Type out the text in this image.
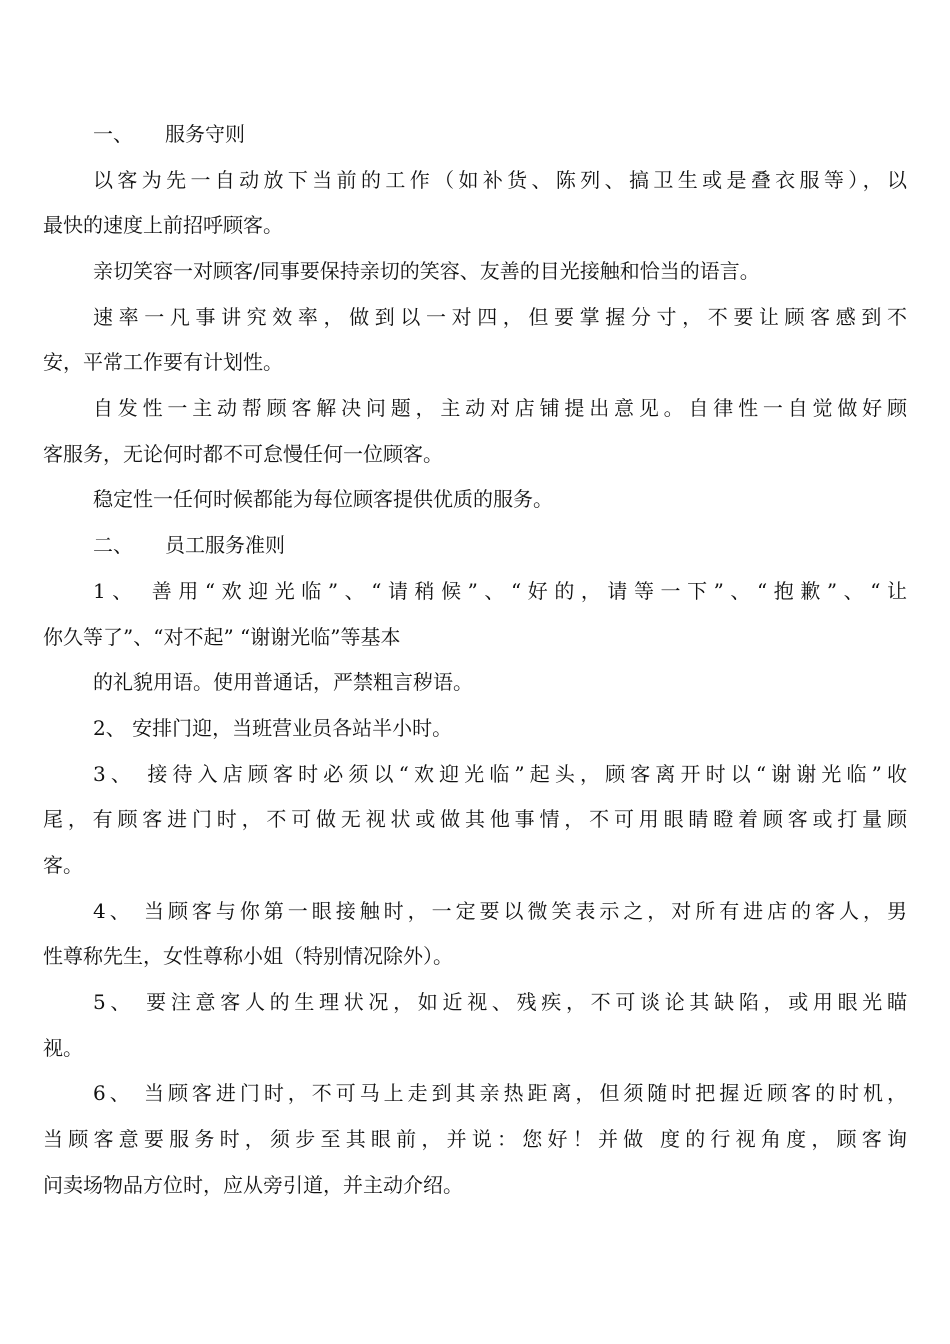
一、 服务守则
以客为先一自动放下当前的工作（如补货、陈列、搞卫生或是叠衣服等），以
最快的速度上前招呼顾客。
亲切笑容一对顾客/同事要保持亲切的笑容、友善的目光接触和恰当的语言。
速率一凡事讲究效率，做到以一对四，但要掌握分寸，不要让顾客感到不
安，平常工作要有计划性。
自发性一主动帮顾客解决问题，主动对店铺提出意见。自律性一自觉做好顾
客服务，无论何时都不可怠慢任何一位顾客。
稳定性一任何时候都能为每位顾客提供优质的服务。
二、 员工服务准则
1、 善用“欢迎光临”、“请稍候”、“好的，请等一下”、“抱歉”、“让
你久等了”、“对不起” “谢谢光临”等基本
的礼貌用语。使用普通话，严禁粗言秽语。
2、 安排门迎，当班营业员各站半小时。
3、 接待入店顾客时必须以“欢迎光临”起头，顾客离开时以“谢谢光临”收
尾，有顾客进门时，不可做无视状或做其他事情，不可用眼睛瞪着顾客或打量顾
客。
4、 当顾客与你第一眼接触时，一定要以微笑表示之，对所有进店的客人，男
性尊称先生，女性尊称小姐（特别情况除外）。
5、 要注意客人的生理状况，如近视、残疾，不可谈论其缺陷，或用眼光瞄
视。
6、 当顾客进门时，不可马上走到其亲热距离，但须随时把握近顾客的时机，
当顾客意要服务时，须步至其眼前，并说：您好！并做 度的行视角度，顾客询
问卖场物品方位时，应从旁引道，并主动介绍。
